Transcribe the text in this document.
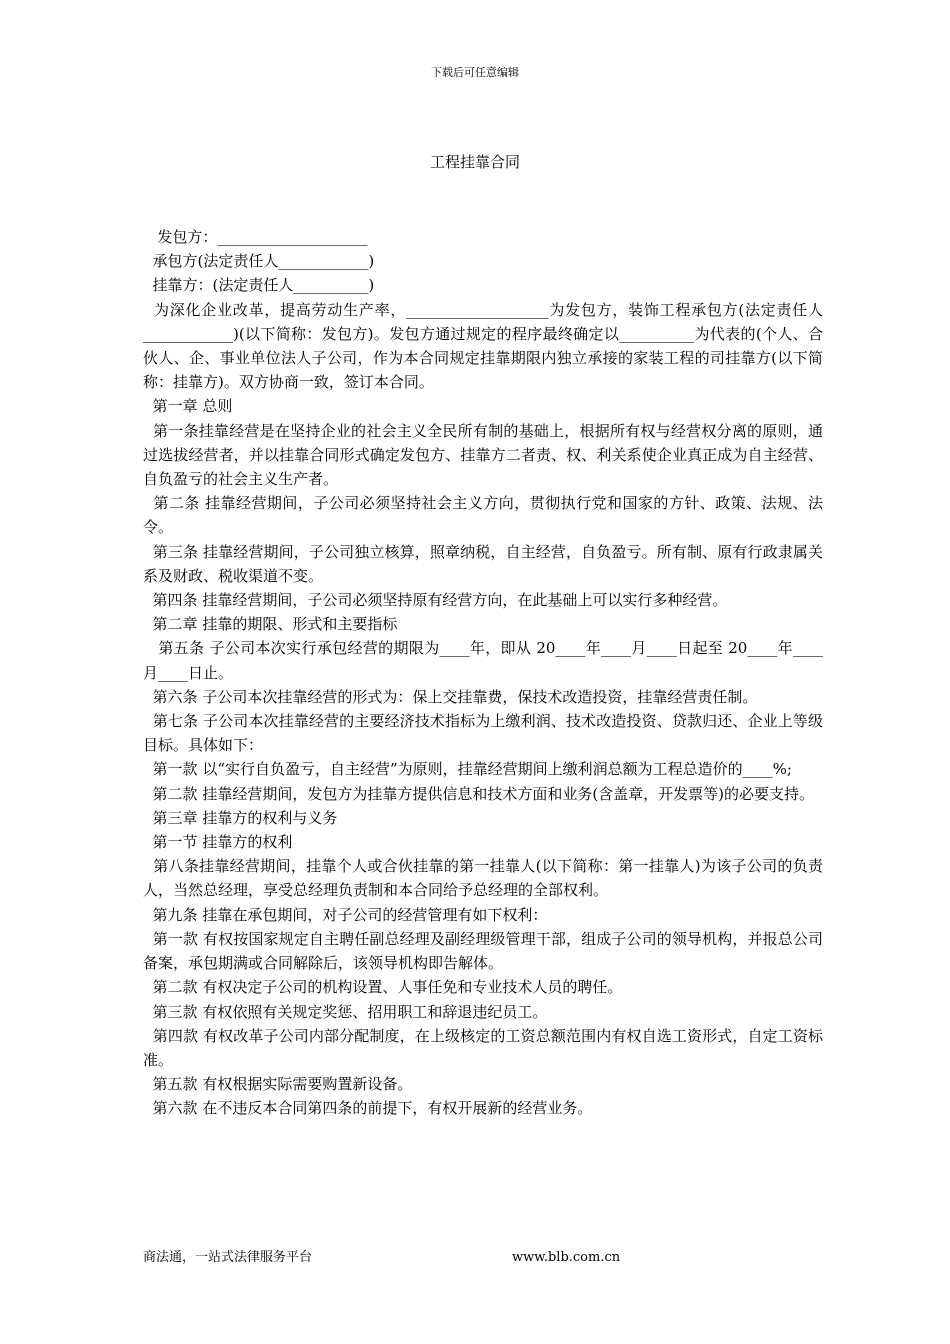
下载后可任意编辑
工程挂靠合同

发包方：____________________

承包方(法定责任人____________)

挂靠方：(法定责任人__________)

为深化企业改革，提高劳动生产率，___________________为发包方，装饰工程承包方(法定责任人____________)(以下简称：发包方)。发包方通过规定的程序最终确定以__________为代表的(个人、合伙人、企、事业单位法人子公司，作为本合同规定挂靠期限内独立承接的家装工程的司挂靠方(以下简称：挂靠方)。双方协商一致，签订本合同。

第一章 总则

第一条挂靠经营是在坚持企业的社会主义全民所有制的基础上，根据所有权与经营权分离的原则，通过选拔经营者，并以挂靠合同形式确定发包方、挂靠方二者责、权、利关系使企业真正成为自主经营、自负盈亏的社会主义生产者。

第二条 挂靠经营期间，子公司必须坚持社会主义方向，贯彻执行党和国家的方针、政策、法规、法令。

第三条 挂靠经营期间，子公司独立核算，照章纳税，自主经营，自负盈亏。所有制、原有行政隶属关系及财政、税收渠道不变。

第四条 挂靠经营期间，子公司必须坚持原有经营方向，在此基础上可以实行多种经营。

第二章 挂靠的期限、形式和主要指标

第五条 子公司本次实行承包经营的期限为____年，即从 20____年____月____日起至 20____年____月____日止。

第六条 子公司本次挂靠经营的形式为：保上交挂靠费，保技术改造投资，挂靠经营责任制。

第七条 子公司本次挂靠经营的主要经济技术指标为上缴利润、技术改造投资、贷款归还、企业上等级目标。具体如下：

第一款 以“实行自负盈亏，自主经营”为原则，挂靠经营期间上缴利润总额为工程总造价的____%;

第二款 挂靠经营期间，发包方为挂靠方提供信息和技术方面和业务(含盖章，开发票等)的必要支持。

第三章 挂靠方的权利与义务

第一节 挂靠方的权利

第八条挂靠经营期间，挂靠个人或合伙挂靠的第一挂靠人(以下简称：第一挂靠人)为该子公司的负责人，当然总经理，享受总经理负责制和本合同给予总经理的全部权利。

第九条 挂靠在承包期间，对子公司的经营管理有如下权利：

第一款 有权按国家规定自主聘任副总经理及副经理级管理干部，组成子公司的领导机构，并报总公司备案，承包期满或合同解除后，该领导机构即告解体。

第二款 有权决定子公司的机构设置、人事任免和专业技术人员的聘任。

第三款 有权依照有关规定奖惩、招用职工和辞退违纪员工。

第四款 有权改革子公司内部分配制度，在上级核定的工资总额范围内有权自选工资形式，自定工资标准。

第五款 有权根据实际需要购置新设备。

第六款 在不违反本合同第四条的前提下，有权开展新的经营业务。

商法通，一站式法律服务平台	www.blb.com.cn
